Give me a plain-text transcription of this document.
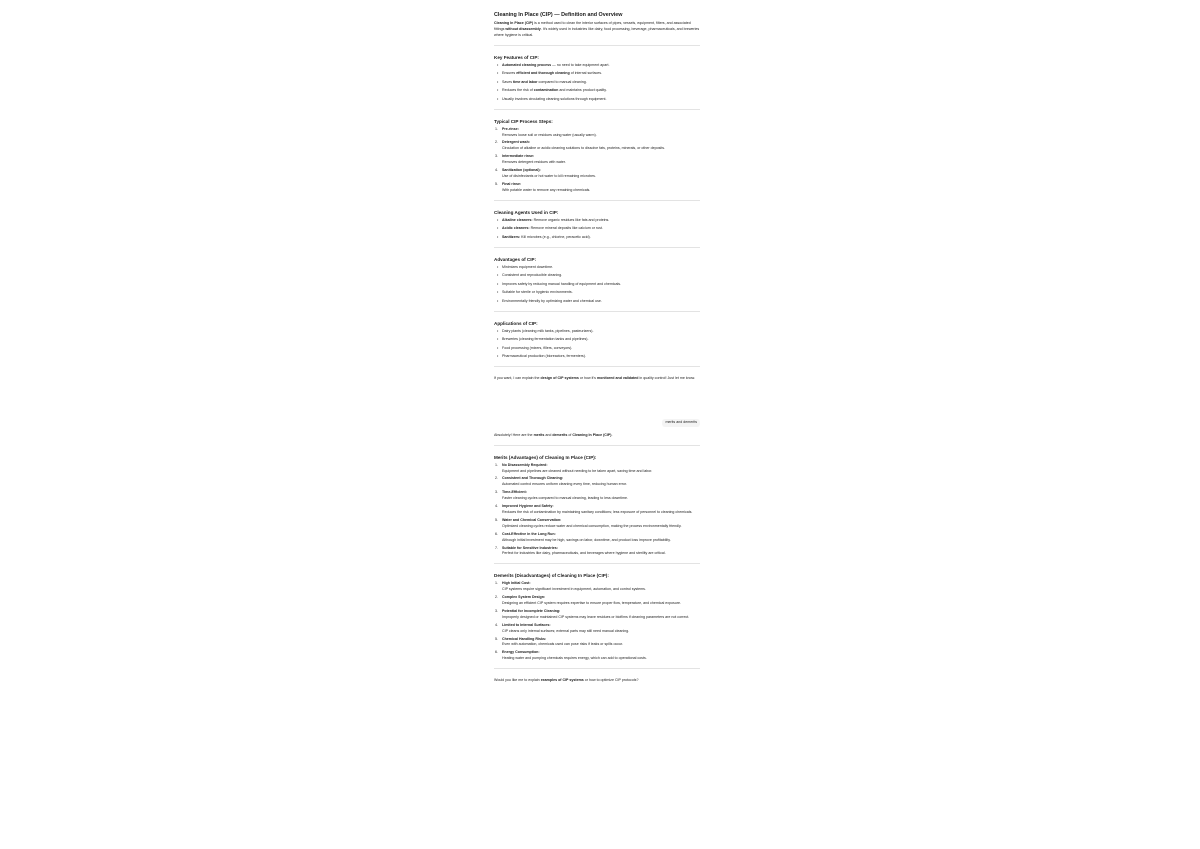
Cleaning In Place (CIP) — Definition and Overview

Cleaning In Place (CIP) is a method used to clean the interior surfaces of pipes, vessels, equipment, filters, and associated fittings without disassembly. It’s widely used in industries like dairy, food processing, beverage, pharmaceuticals, and breweries where hygiene is critical.

Key Features of CIP:
• Automated cleaning process — no need to take equipment apart.
• Ensures efficient and thorough cleaning of internal surfaces.
• Saves time and labor compared to manual cleaning.
• Reduces the risk of contamination and maintains product quality.
• Usually involves circulating cleaning solutions through equipment.
Typical CIP Process Steps:
Pre-rinse:
Removes loose soil or residues using water (usually warm).
Detergent wash:
Circulation of alkaline or acidic cleaning solutions to dissolve fats, proteins, minerals, or other deposits.
Intermediate rinse:
Removes detergent residues with water.
Sanitization (optional):
Use of disinfectants or hot water to kill remaining microbes.
Final rinse:
With potable water to remove any remaining chemicals.
Cleaning Agents Used in CIP:
• Alkaline cleaners: Remove organic residues like fats and proteins.
• Acidic cleaners: Remove mineral deposits like calcium or rust.
• Sanitizers: Kill microbes (e.g., chlorine, peracetic acid).
Advantages of CIP:
• Minimizes equipment downtime.
• Consistent and reproducible cleaning.
• Improves safety by reducing manual handling of equipment and chemicals.
• Suitable for sterile or hygienic environments.
• Environmentally friendly by optimizing water and chemical use.
Applications of CIP:
• Dairy plants (cleaning milk tanks, pipelines, pasteurizers).
• Breweries (cleaning fermentation tanks and pipelines).
• Food processing (mixers, fillers, conveyors).
• Pharmaceutical production (bioreactors, fermenters).

If you want, I can explain the design of CIP systems or how it’s monitored and validated in quality control! Just let me know.

merits and demerits

Absolutely! Here are the merits and demerits of Cleaning In Place (CIP).

Merits (Advantages) of Cleaning In Place (CIP):
No Disassembly Required:
Equipment and pipelines are cleaned without needing to be taken apart, saving time and labor.
Consistent and Thorough Cleaning:
Automated control ensures uniform cleaning every time, reducing human error.
Time-Efficient:
Faster cleaning cycles compared to manual cleaning, leading to less downtime.
Improved Hygiene and Safety:
Reduces the risk of contamination by maintaining sanitary conditions; less exposure of personnel to cleaning chemicals.
Water and Chemical Conservation:
Optimized cleaning cycles reduce water and chemical consumption, making the process environmentally friendly.
Cost-Effective in the Long Run:
Although initial investment may be high, savings on labor, downtime, and product loss improve profitability.
Suitable for Sensitive Industries:
Perfect for industries like dairy, pharmaceuticals, and beverages where hygiene and sterility are critical.
Demerits (Disadvantages) of Cleaning In Place (CIP):
High Initial Cost:
CIP systems require significant investment in equipment, automation, and control systems.
Complex System Design:
Designing an efficient CIP system requires expertise to ensure proper flow, temperature, and chemical exposure.
Potential for Incomplete Cleaning:
Improperly designed or maintained CIP systems may leave residues or biofilms if cleaning parameters are not correct.
Limited to Internal Surfaces:
CIP cleans only internal surfaces; external parts may still need manual cleaning.
Chemical Handling Risks:
Even with automation, chemicals used can pose risks if leaks or spills occur.
Energy Consumption:
Heating water and pumping chemicals requires energy, which can add to operational costs.

Would you like me to explain examples of CIP systems or how to optimize CIP protocols?
